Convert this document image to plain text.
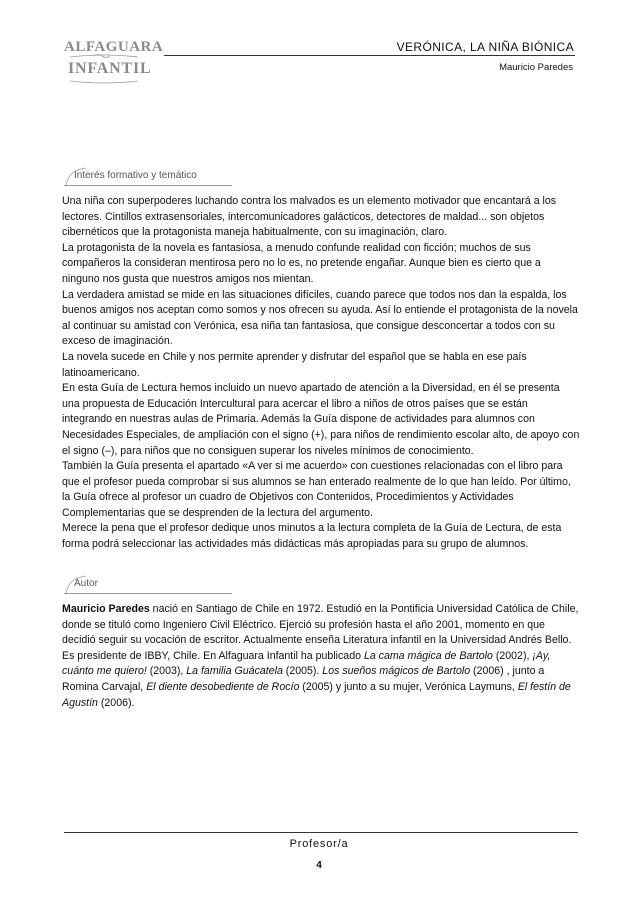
ALFAGUARA
INFANTIL
VERÓNICA, LA NIÑA BIÓNICA
Mauricio Paredes
Interés formativo y temático

Una niña con superpoderes luchando contra los malvados es un elemento motivador que encantará a los lectores. Cintillos extrasensoriales, intercomunicadores galácticos, detectores de maldad... son objetos cibernéticos que la protagonista maneja habitualmente, con su imaginación, claro.

La protagonista de la novela es fantasiosa, a menudo confunde realidad con ficción; muchos de sus compañeros la consideran mentirosa pero no lo es, no pretende engañar. Aunque bien es cierto que a ninguno nos gusta que nuestros amigos nos mientan.

La verdadera amistad se mide en las situaciones difíciles, cuando parece que todos nos dan la espalda, los buenos amigos nos aceptan como somos y nos ofrecen su ayuda. Así lo entiende el protagonista de la novela al continuar su amistad con Verónica, esa niña tan fantasiosa, que consigue desconcertar a todos con su exceso de imaginación.

La novela sucede en Chile y nos permite aprender y disfrutar del español que se habla en ese país latinoamericano.

En esta Guía de Lectura hemos incluido un nuevo apartado de atención a la Diversidad, en él se presenta una propuesta de Educación Intercultural para acercar el libro a niños de otros países que se están integrando en nuestras aulas de Primaria. Además la Guía dispone de actividades para alumnos con Necesidades Especiales, de ampliación con el signo (+), para niños de rendimiento escolar alto, de apoyo con el signo (–), para niños que no consiguen superar los niveles mínimos de conocimiento.

También la Guía presenta el apartado «A ver si me acuerdo» con cuestiones relacionadas con el libro para que el profesor pueda comprobar si sus alumnos se han enterado realmente de lo que han leído. Por último, la Guía ofrece al profesor un cuadro de Objetivos con Contenidos, Procedimientos y Actividades Complementarias que se desprenden de la lectura del argumento.

Merece la pena que el profesor dedique unos minutos a la lectura completa de la Guía de Lectura, de esta forma podrá seleccionar las actividades más didácticas más apropiadas para su grupo de alumnos.

Autor

Mauricio Paredes nació en Santiago de Chile en 1972. Estudió en la Pontificia Universidad Católica de Chile, donde se tituló como Ingeniero Civil Eléctrico. Ejerció su profesión hasta el año 2001, momento en que decidió seguir su vocación de escritor. Actualmente enseña Literatura infantil en la Universidad Andrés Bello. Es presidente de IBBY, Chile. En Alfaguara Infantil ha publicado La cama mágica de Bartolo (2002), ¡Ay, cuánto me quiero! (2003), La familia Guácatela (2005). Los sueños mágicos de Bartolo (2006) , junto a Romina Carvajal, El diente desobediente de Rocío (2005) y junto a su mujer, Verónica Laymuns, El festín de Agustín (2006).

Profesor/a
4
